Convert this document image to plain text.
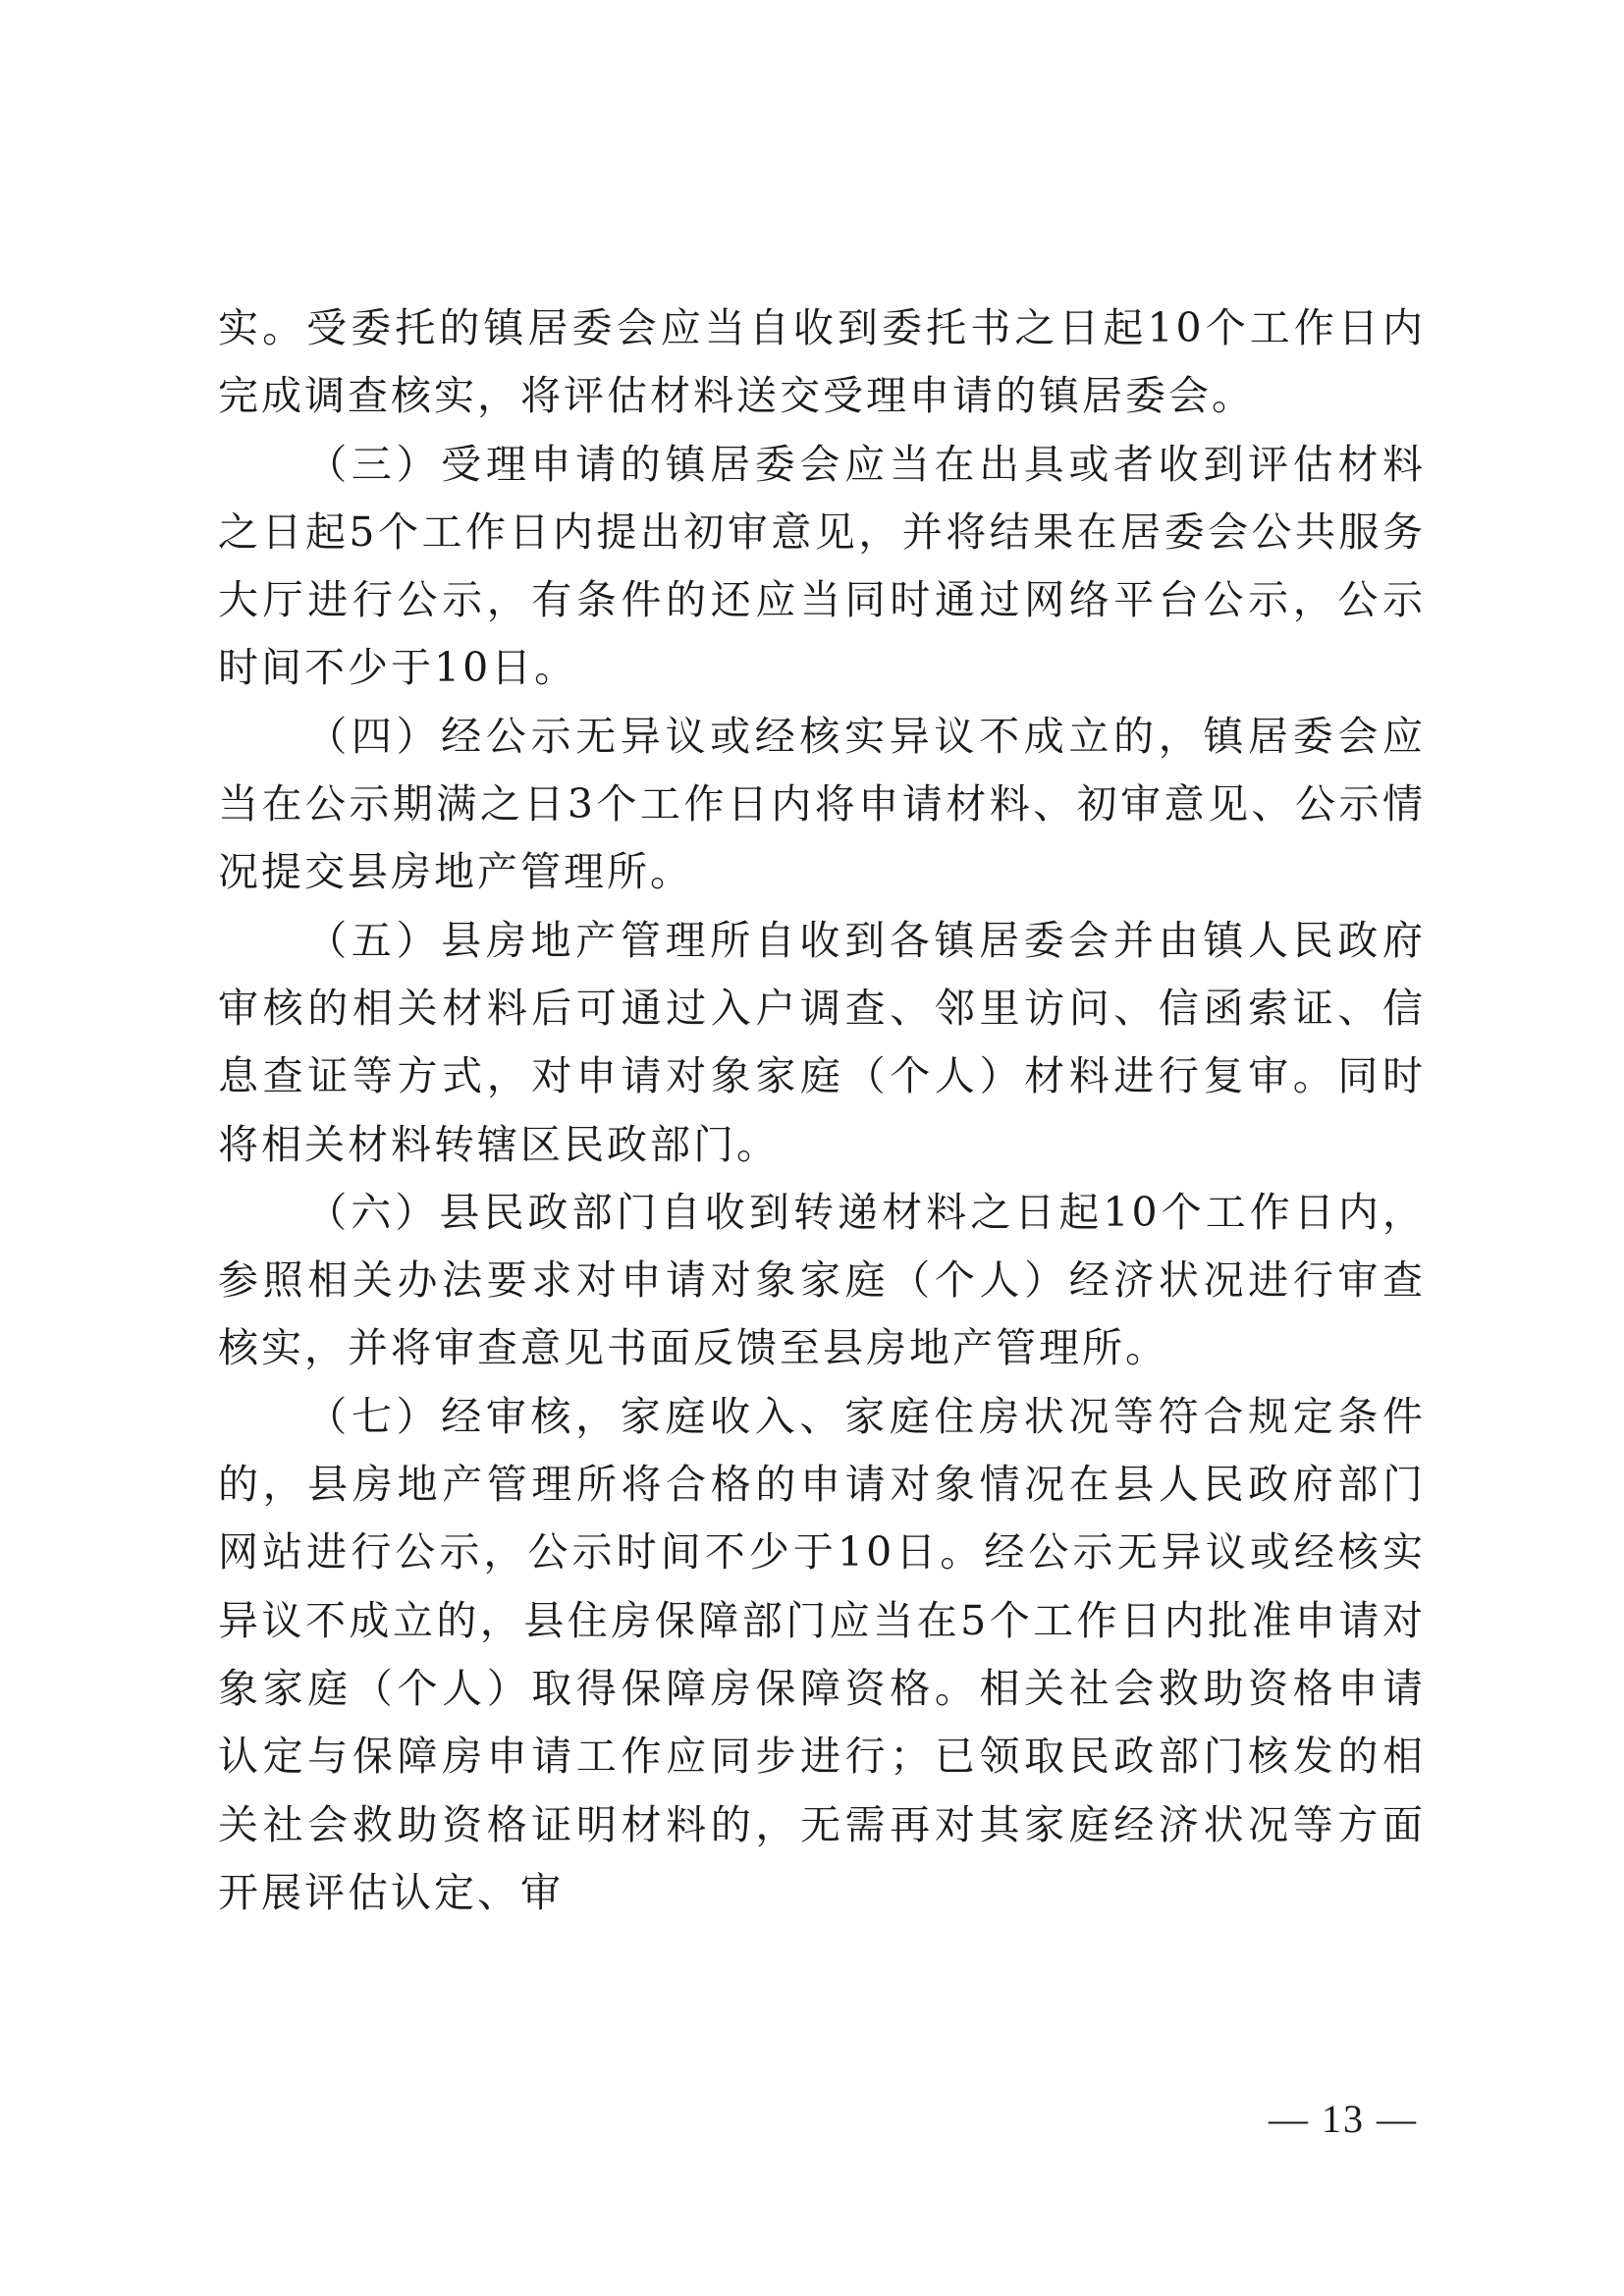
实。受委托的镇居委会应当自收到委托书之日起10个工作日内完成调查核实，将评估材料送交受理申请的镇居委会。

（三）受理申请的镇居委会应当在出具或者收到评估材料之日起5个工作日内提出初审意见，并将结果在居委会公共服务大厅进行公示，有条件的还应当同时通过网络平台公示，公示时间不少于10日。

（四）经公示无异议或经核实异议不成立的，镇居委会应当在公示期满之日3个工作日内将申请材料、初审意见、公示情况提交县房地产管理所。

（五）县房地产管理所自收到各镇居委会并由镇人民政府审核的相关材料后可通过入户调查、邻里访问、信函索证、信息查证等方式，对申请对象家庭（个人）材料进行复审。同时将相关材料转辖区民政部门。

（六）县民政部门自收到转递材料之日起10个工作日内，参照相关办法要求对申请对象家庭（个人）经济状况进行审查核实，并将审查意见书面反馈至县房地产管理所。

（七）经审核，家庭收入、家庭住房状况等符合规定条件的，县房地产管理所将合格的申请对象情况在县人民政府部门网站进行公示，公示时间不少于10日。经公示无异议或经核实异议不成立的，县住房保障部门应当在5个工作日内批准申请对象家庭（个人）取得保障房保障资格。相关社会救助资格申请认定与保障房申请工作应同步进行；已领取民政部门核发的相关社会救助资格证明材料的，无需再对其家庭经济状况等方面开展评估认定、审

— 13 —
